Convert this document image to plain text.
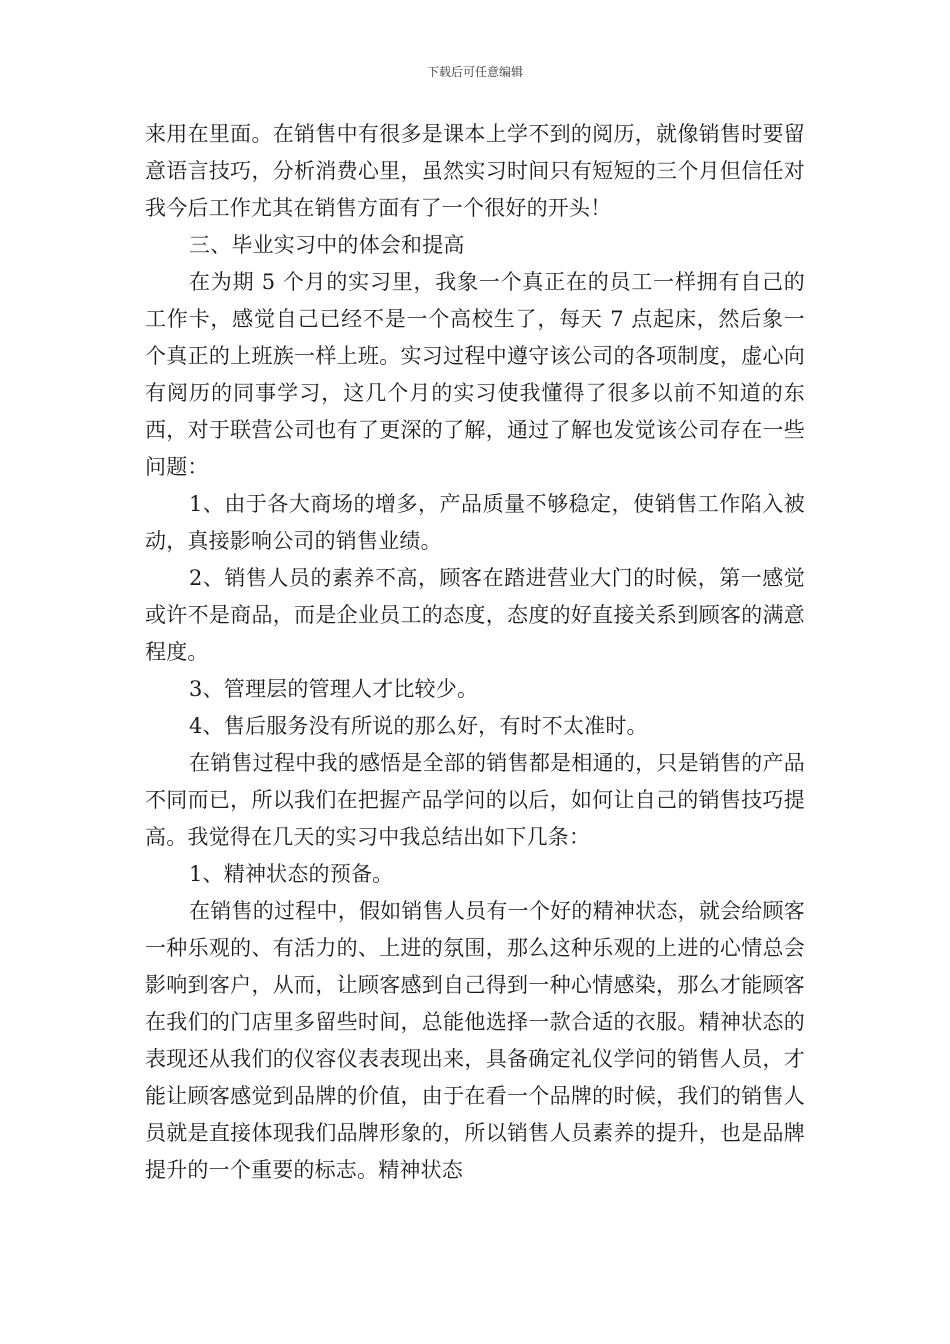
下载后可任意编辑

来用在里面。在销售中有很多是课本上学不到的阅历，就像销售时要留意语言技巧，分析消费心里，虽然实习时间只有短短的三个月但信任对我今后工作尤其在销售方面有了一个很好的开头！

三、毕业实习中的体会和提高

在为期 5 个月的实习里，我象一个真正在的员工一样拥有自己的工作卡，感觉自己已经不是一个高校生了，每天 7 点起床，然后象一个真正的上班族一样上班。实习过程中遵守该公司的各项制度，虚心向有阅历的同事学习，这几个月的实习使我懂得了很多以前不知道的东西，对于联营公司也有了更深的了解，通过了解也发觉该公司存在一些问题：

1、由于各大商场的增多，产品质量不够稳定，使销售工作陷入被动，真接影响公司的销售业绩。

2、销售人员的素养不高，顾客在踏进营业大门的时候，第一感觉或许不是商品，而是企业员工的态度，态度的好直接关系到顾客的满意程度。

3、管理层的管理人才比较少。

4、售后服务没有所说的那么好，有时不太准时。

在销售过程中我的感悟是全部的销售都是相通的，只是销售的产品不同而已，所以我们在把握产品学问的以后，如何让自己的销售技巧提高。我觉得在几天的实习中我总结出如下几条：

1、精神状态的预备。

在销售的过程中，假如销售人员有一个好的精神状态，就会给顾客一种乐观的、有活力的、上进的氛围，那么这种乐观的上进的心情总会影响到客户，从而，让顾客感到自己得到一种心情感染，那么才能顾客在我们的门店里多留些时间，总能他选择一款合适的衣服。精神状态的表现还从我们的仪容仪表表现出来，具备确定礼仪学问的销售人员，才能让顾客感觉到品牌的价值，由于在看一个品牌的时候，我们的销售人员就是直接体现我们品牌形象的，所以销售人员素养的提升，也是品牌提升的一个重要的标志。精神状态
